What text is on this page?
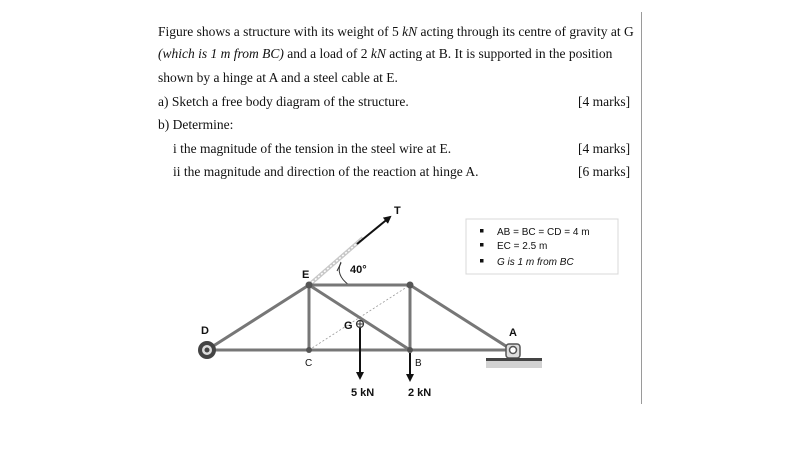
Figure shows a structure with its weight of 5 kN acting through its centre of gravity at G
(which is 1 m from BC) and a load of 2 kN acting at B. It is supported in the position
shown by a hinge at A and a steel cable at E.
a) Sketch a free body diagram of the structure.	[4 marks]
b) Determine:
i the magnitude of the tension in the steel wire at E.	[4 marks]
ii the magnitude and direction of the reaction at hinge A.	[6 marks]
T
40°
E
D	G
C	B
A
5 kN	2 kN
AB = BC = CD = 4 m
EC = 2.5 m
G is 1 m from BC
